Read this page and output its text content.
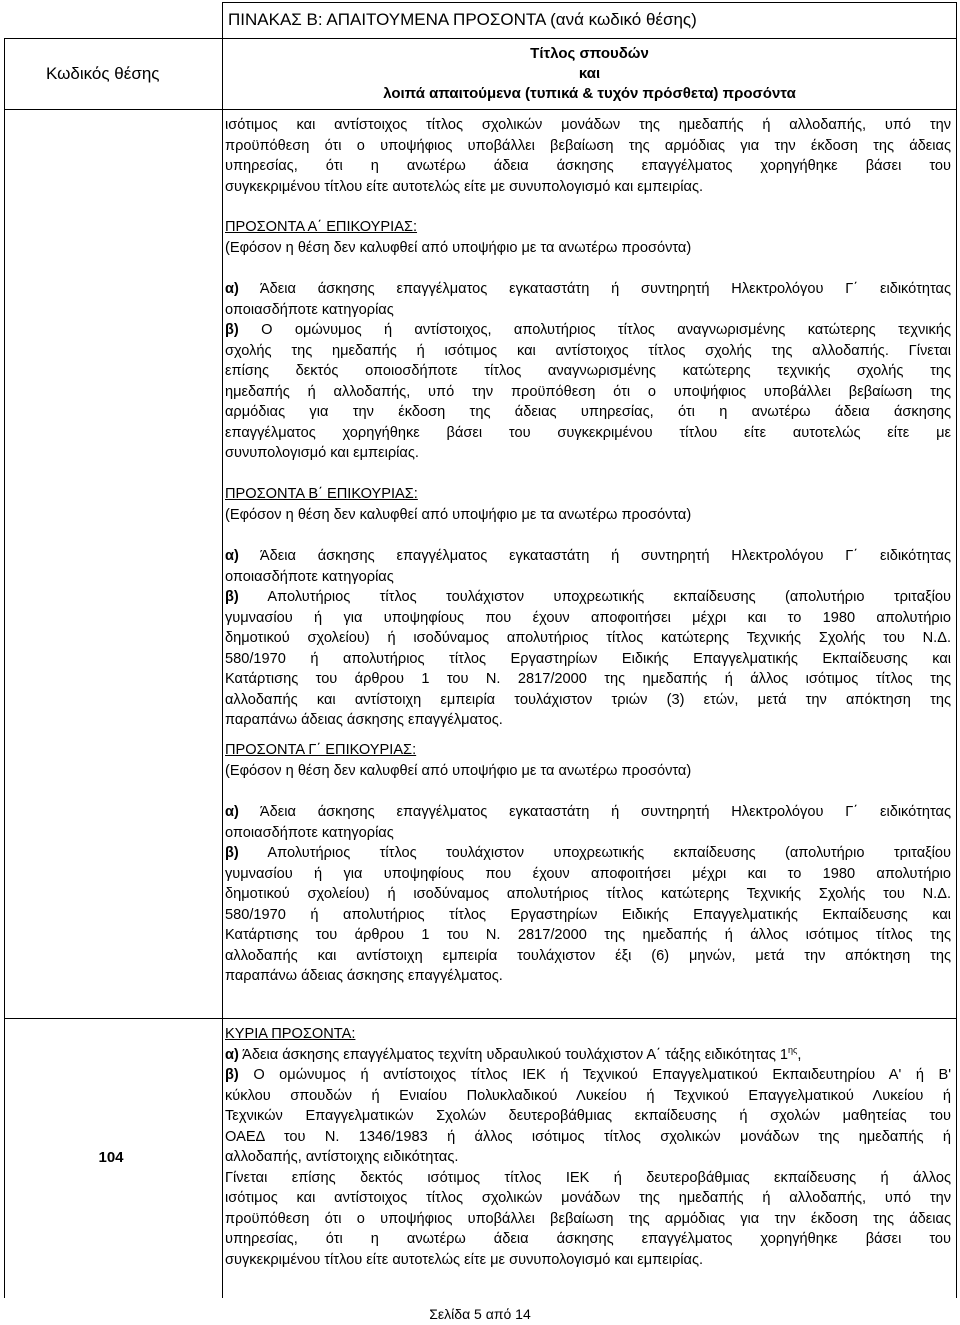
ΠΙΝΑΚΑΣ Β: ΑΠΑΙΤΟΥΜΕΝΑ ΠΡΟΣΟΝΤΑ (ανά κωδικό θέσης)
Κωδικός θέσης
Τίτλος σπουδών
και
λοιπά απαιτούμενα (τυπικά & τυχόν πρόσθετα) προσόντα
ισότιμος και αντίστοιχος τίτλος σχολικών μονάδων της ημεδαπής ή αλλοδαπής, υπό την
προϋπόθεση ότι ο υποψήφιος υποβάλλει βεβαίωση της αρμόδιας για την έκδοση της άδειας
υπηρεσίας, ότι η ανωτέρω άδεια άσκησης επαγγέλματος χορηγήθηκε βάσει του
συγκεκριμένου τίτλου είτε αυτοτελώς είτε με συνυπολογισμό και εμπειρίας.
ΠΡΟΣΟΝΤΑ Α΄ ΕΠΙΚΟΥΡΙΑΣ:
(Εφόσον η θέση δεν καλυφθεί από υποψήφιο με τα ανωτέρω προσόντα)
α) Άδεια άσκησης επαγγέλματος εγκαταστάτη ή συντηρητή Ηλεκτρολόγου Γ΄ ειδικότητας
οποιασδήποτε κατηγορίας
β) Ο ομώνυμος ή αντίστοιχος, απολυτήριος τίτλος αναγνωρισμένης κατώτερης τεχνικής
σχολής της ημεδαπής ή ισότιμος και αντίστοιχος τίτλος σχολής της αλλοδαπής. Γίνεται
επίσης δεκτός οποιοσδήποτε τίτλος αναγνωρισμένης κατώτερης τεχνικής σχολής της
ημεδαπής ή αλλοδαπής, υπό την προϋπόθεση ότι ο υποψήφιος υποβάλλει βεβαίωση της
αρμόδιας για την έκδοση της άδειας υπηρεσίας, ότι η ανωτέρω άδεια άσκησης
επαγγέλματος χορηγήθηκε βάσει του συγκεκριμένου τίτλου είτε αυτοτελώς είτε με
συνυπολογισμό και εμπειρίας.
ΠΡΟΣΟΝΤΑ Β΄ ΕΠΙΚΟΥΡΙΑΣ:
(Εφόσον η θέση δεν καλυφθεί από υποψήφιο με τα ανωτέρω προσόντα)
α) Άδεια άσκησης επαγγέλματος εγκαταστάτη ή συντηρητή Ηλεκτρολόγου Γ΄ ειδικότητας
οποιασδήποτε κατηγορίας
β) Απολυτήριος τίτλος τουλάχιστον υποχρεωτικής εκπαίδευσης (απολυτήριο τριταξίου
γυμνασίου ή για υποψηφίους που έχουν αποφοιτήσει μέχρι και το 1980 απολυτήριο
δημοτικού σχολείου) ή ισοδύναμος απολυτήριος τίτλος κατώτερης Τεχνικής Σχολής του Ν.Δ.
580/1970 ή απολυτήριος τίτλος Εργαστηρίων Ειδικής Επαγγελματικής Εκπαίδευσης και
Κατάρτισης του άρθρου 1 του Ν. 2817/2000 της ημεδαπής ή άλλος ισότιμος τίτλος της
αλλοδαπής και αντίστοιχη εμπειρία τουλάχιστον τριών (3) ετών, μετά την απόκτηση της
παραπάνω άδειας άσκησης επαγγέλματος.
ΠΡΟΣΟΝΤΑ Γ΄ ΕΠΙΚΟΥΡΙΑΣ:
(Εφόσον η θέση δεν καλυφθεί από υποψήφιο με τα ανωτέρω προσόντα)
α) Άδεια άσκησης επαγγέλματος εγκαταστάτη ή συντηρητή Ηλεκτρολόγου Γ΄ ειδικότητας
οποιασδήποτε κατηγορίας
β) Απολυτήριος τίτλος τουλάχιστον υποχρεωτικής εκπαίδευσης (απολυτήριο τριταξίου
γυμνασίου ή για υποψηφίους που έχουν αποφοιτήσει μέχρι και το 1980 απολυτήριο
δημοτικού σχολείου) ή ισοδύναμος απολυτήριος τίτλος κατώτερης Τεχνικής Σχολής του Ν.Δ.
580/1970 ή απολυτήριος τίτλος Εργαστηρίων Ειδικής Επαγγελματικής Εκπαίδευσης και
Κατάρτισης του άρθρου 1 του Ν. 2817/2000 της ημεδαπής ή άλλος ισότιμος τίτλος της
αλλοδαπής και αντίστοιχη εμπειρία τουλάχιστον έξι (6) μηνών, μετά την απόκτηση της
παραπάνω άδειας άσκησης επαγγέλματος.
104
ΚΥΡΙΑ ΠΡΟΣΟΝΤΑ:
α) Άδεια άσκησης επαγγέλματος τεχνίτη υδραυλικού τουλάχιστον Α΄ τάξης ειδικότητας $1^{\eta\varsigma}$,
β) Ο ομώνυμος ή αντίστοιχος τίτλος ΙΕΚ ή Τεχνικού Επαγγελματικού Εκπαιδευτηρίου Α' ή Β'
κύκλου σπουδών ή Ενιαίου Πολυκλαδικού Λυκείου ή Τεχνικού Επαγγελματικού Λυκείου ή
Τεχνικών Επαγγελματικών Σχολών δευτεροβάθμιας εκπαίδευσης ή σχολών μαθητείας του
ΟΑΕΔ του Ν. 1346/1983 ή άλλος ισότιμος τίτλος σχολικών μονάδων της ημεδαπής ή
αλλοδαπής, αντίστοιχης ειδικότητας.
Γίνεται επίσης δεκτός ισότιμος τίτλος ΙΕΚ ή δευτεροβάθμιας εκπαίδευσης ή άλλος
ισότιμος και αντίστοιχος τίτλος σχολικών μονάδων της ημεδαπής ή αλλοδαπής, υπό την
προϋπόθεση ότι ο υποψήφιος υποβάλλει βεβαίωση της αρμόδιας για την έκδοση της άδειας
υπηρεσίας, ότι η ανωτέρω άδεια άσκησης επαγγέλματος χορηγήθηκε βάσει του
συγκεκριμένου τίτλου είτε αυτοτελώς είτε με συνυπολογισμό και εμπειρίας.
Σελίδα 5 από 14
